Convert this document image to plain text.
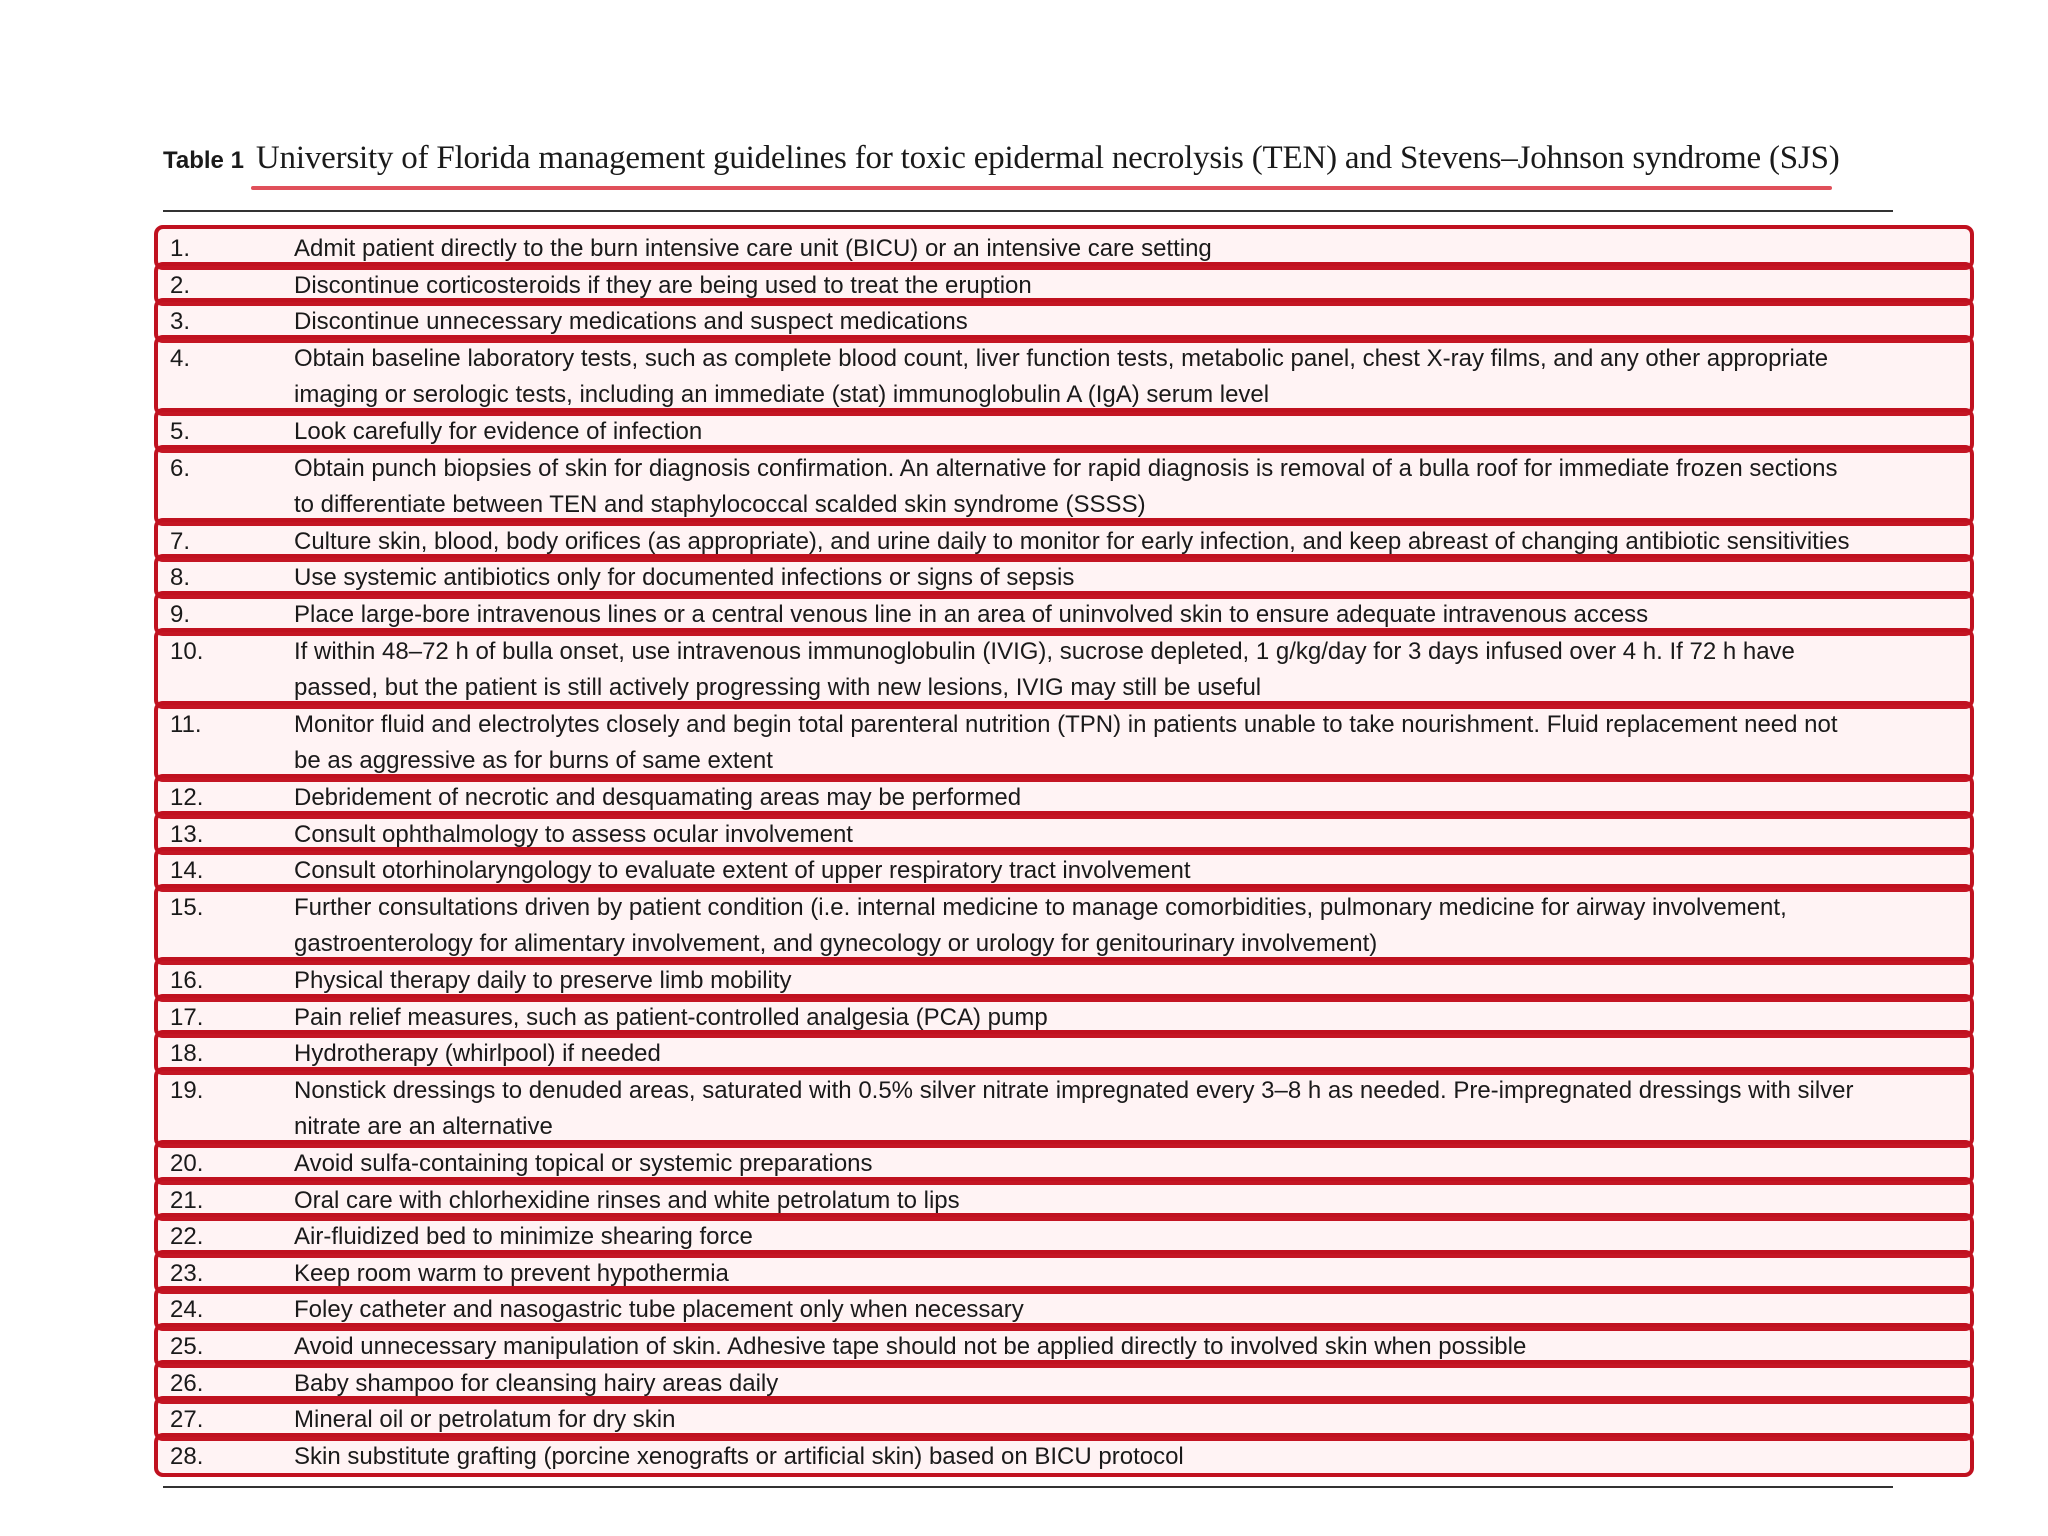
Table 1 University of Florida management guidelines for toxic epidermal necrolysis (TEN) and Stevens–Johnson syndrome (SJS)
1.	Admit patient directly to the burn intensive care unit (BICU) or an intensive care setting
2.	Discontinue corticosteroids if they are being used to treat the eruption
3.	Discontinue unnecessary medications and suspect medications
4.	Obtain baseline laboratory tests, such as complete blood count, liver function tests, metabolic panel, chest X-ray films, and any other appropriate
imaging or serologic tests, including an immediate (stat) immunoglobulin A (IgA) serum level
5.	Look carefully for evidence of infection
6.	Obtain punch biopsies of skin for diagnosis confirmation. An alternative for rapid diagnosis is removal of a bulla roof for immediate frozen sections
to differentiate between TEN and staphylococcal scalded skin syndrome (SSSS)
7.	Culture skin, blood, body orifices (as appropriate), and urine daily to monitor for early infection, and keep abreast of changing antibiotic sensitivities
8.	Use systemic antibiotics only for documented infections or signs of sepsis
9.	Place large-bore intravenous lines or a central venous line in an area of uninvolved skin to ensure adequate intravenous access
10.	If within 48–72 h of bulla onset, use intravenous immunoglobulin (IVIG), sucrose depleted, 1 g/kg/day for 3 days infused over 4 h. If 72 h have
passed, but the patient is still actively progressing with new lesions, IVIG may still be useful
11.	Monitor fluid and electrolytes closely and begin total parenteral nutrition (TPN) in patients unable to take nourishment. Fluid replacement need not
be as aggressive as for burns of same extent
12.	Debridement of necrotic and desquamating areas may be performed
13.	Consult ophthalmology to assess ocular involvement
14.	Consult otorhinolaryngology to evaluate extent of upper respiratory tract involvement
15.	Further consultations driven by patient condition (i.e. internal medicine to manage comorbidities, pulmonary medicine for airway involvement,
gastroenterology for alimentary involvement, and gynecology or urology for genitourinary involvement)
16.	Physical therapy daily to preserve limb mobility
17.	Pain relief measures, such as patient-controlled analgesia (PCA) pump
18.	Hydrotherapy (whirlpool) if needed
19.	Nonstick dressings to denuded areas, saturated with 0.5% silver nitrate impregnated every 3–8 h as needed. Pre-impregnated dressings with silver
nitrate are an alternative
20.	Avoid sulfa-containing topical or systemic preparations
21.	Oral care with chlorhexidine rinses and white petrolatum to lips
22.	Air-fluidized bed to minimize shearing force
23.	Keep room warm to prevent hypothermia
24.	Foley catheter and nasogastric tube placement only when necessary
25.	Avoid unnecessary manipulation of skin. Adhesive tape should not be applied directly to involved skin when possible
26.	Baby shampoo for cleansing hairy areas daily
27.	Mineral oil or petrolatum for dry skin
28.	Skin substitute grafting (porcine xenografts or artificial skin) based on BICU protocol
